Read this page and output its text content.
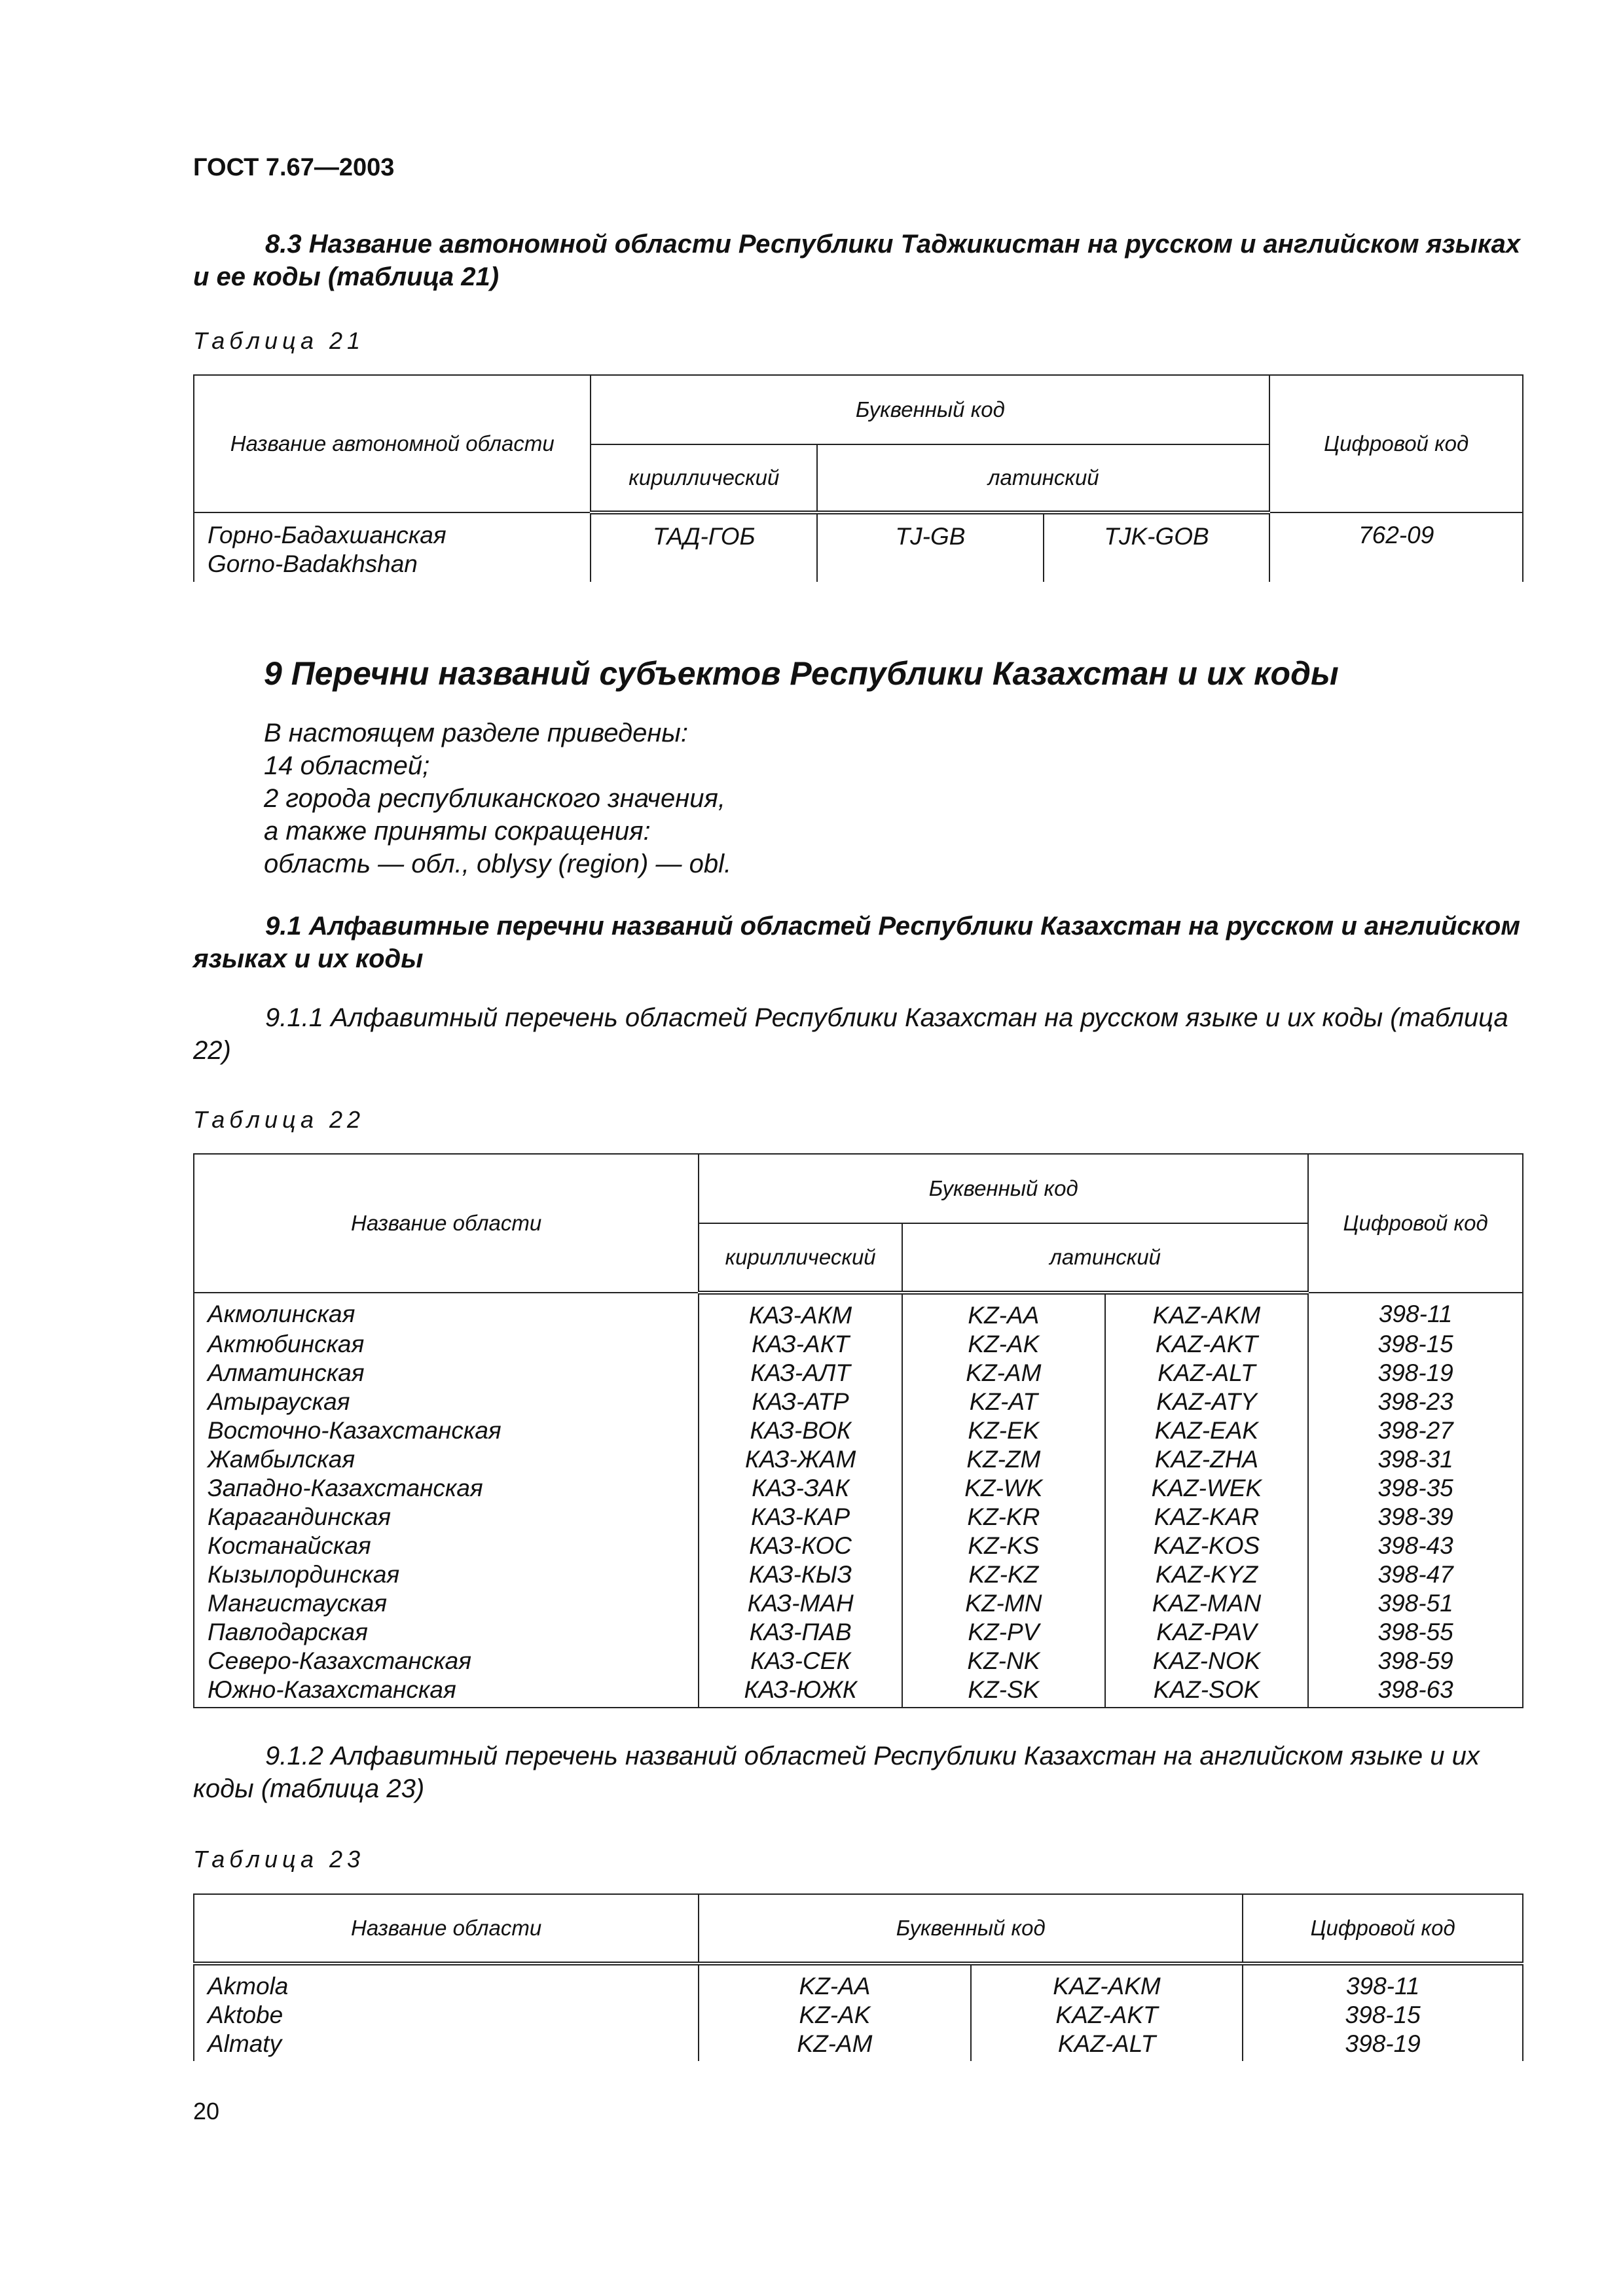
ГОСТ 7.67—2003
8.3 Название автономной области Республики Таджикистан на русском и английском языках и ее коды (таблица 21)
Таблица 21
Название автономной области	Буквенный код			Цифровой код
	кириллический	латинский		

Горно-Бадахшанская
Gorno-Badakhshan	ТАД-ГОБ	TJ-GB	TJK-GOB	762-09
9 Перечни названий субъектов Республики Казахстан и их коды
В настоящем разделе приведены:
14 областей;
2 города республиканского значения,
а также приняты сокращения:
область — обл., oblysy (region) — obl.
9.1 Алфавитные перечни названий областей Республики Казахстан на русском и английском языках и их коды
9.1.1 Алфавитный перечень областей Республики Казахстан на русском языке и их коды (таблица 22)
Таблица 22
Название области	Буквенный код			Цифровой код
	кириллический	латинский		
Акмолинская	КАЗ-АКМ	KZ-AA	KAZ-AKM	398-11
Актюбинская	КАЗ-АКТ	KZ-AK	KAZ-AKT	398-15
Алматинская	КАЗ-АЛТ	KZ-AM	KAZ-ALT	398-19
Атырауская	КАЗ-АТР	KZ-AT	KAZ-ATY	398-23
Восточно-Казахстанская	КАЗ-ВОК	KZ-EK	KAZ-EAK	398-27
Жамбылская	КАЗ-ЖАМ	KZ-ZM	KAZ-ZHA	398-31
Западно-Казахстанская	КАЗ-ЗАК	KZ-WK	KAZ-WEK	398-35
Карагандинская	КАЗ-КАР	KZ-KR	KAZ-KAR	398-39
Костанайская	КАЗ-КОС	KZ-KS	KAZ-KOS	398-43
Кызылординская	КАЗ-КЫЗ	KZ-KZ	KAZ-KYZ	398-47
Мангистауская	КАЗ-МАН	KZ-MN	KAZ-MAN	398-51
Павлодарская	КАЗ-ПАВ	KZ-PV	KAZ-PAV	398-55
Северо-Казахстанская	КАЗ-СЕК	KZ-NK	KAZ-NOK	398-59
Южно-Казахстанская	КАЗ-ЮЖК	KZ-SK	KAZ-SOK	398-63
9.1.2 Алфавитный перечень названий областей Республики Казахстан на английском языке и их коды (таблица 23)
Таблица 23
Название области	Буквенный код		Цифровой код
Akmola	KZ-AA	KAZ-AKM	398-11
Aktobe	KZ-AK	KAZ-AKT	398-15
Almaty	KZ-AM	KAZ-ALT	398-19
20
